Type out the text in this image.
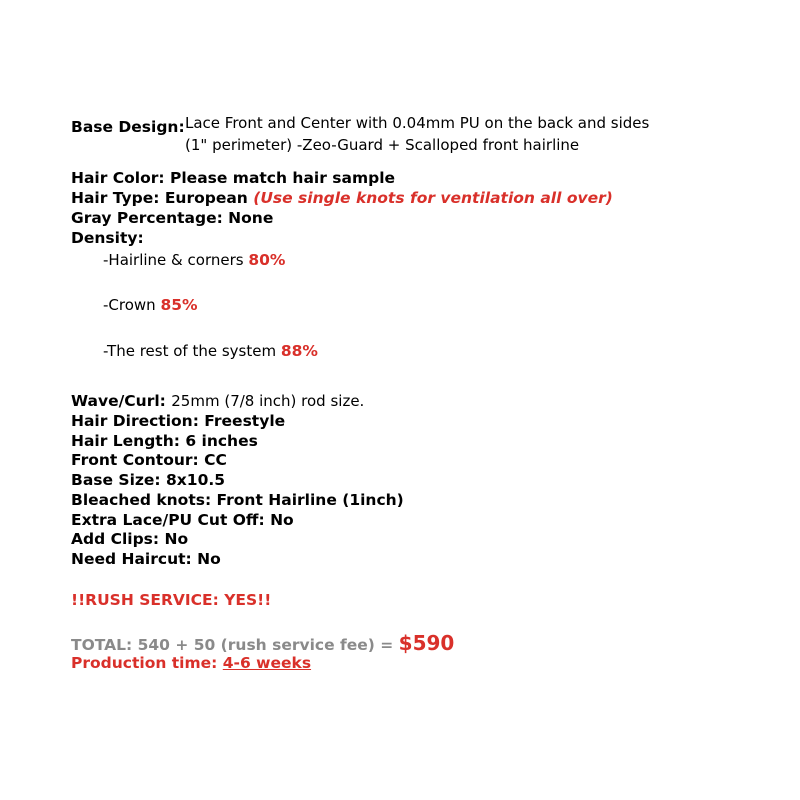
Base Design: Lace Front and Center with 0.04mm PU on the back and sides
(1" perimeter) -Zeo-Guard + Scalloped front hairline
Hair Color: Please match hair sample
Hair Type: European (Use single knots for ventilation all over)
Gray Percentage: None
Density:
-Hairline & corners 80%
-Crown 85%
-The rest of the system 88%
Wave/Curl: 25mm (7/8 inch) rod size.
Hair Direction: Freestyle
Hair Length: 6 inches
Front Contour: CC
Base Size: 8x10.5
Bleached knots: Front Hairline (1inch)
Extra Lace/PU Cut Off: No
Add Clips: No
Need Haircut: No
!!RUSH SERVICE: YES!!
TOTAL: 540 + 50 (rush service fee) = $590
Production time: 4-6 weeks
